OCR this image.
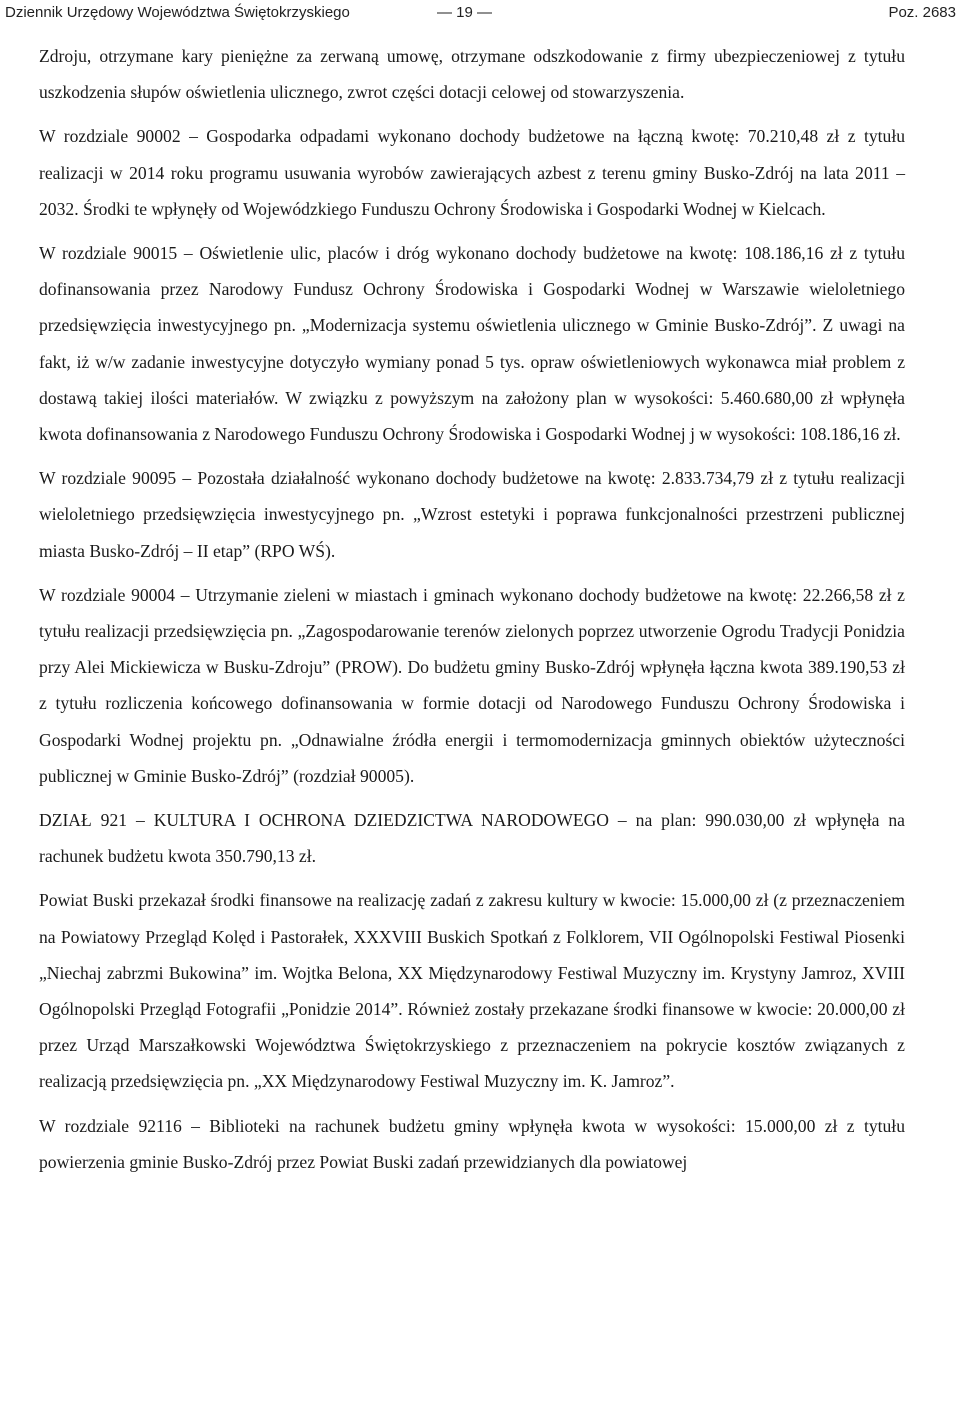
Dziennik Urzędowy Województwa Świętokrzyskiego	— 19 —	Poz. 2683

Zdroju, otrzymane kary pieniężne za zerwaną umowę, otrzymane odszkodowanie z firmy ubezpieczeniowej z tytułu uszkodzenia słupów oświetlenia ulicznego, zwrot części dotacji celowej od stowarzyszenia.

W rozdziale 90002 – Gospodarka odpadami wykonano dochody budżetowe na łączną kwotę: 70.210,48 zł z tytułu realizacji w 2014 roku programu usuwania wyrobów zawierających azbest z terenu gminy Busko-Zdrój na lata 2011 – 2032. Środki te wpłynęły od Wojewódzkiego Funduszu Ochrony Środowiska i Gospodarki Wodnej w Kielcach.

W rozdziale 90015 – Oświetlenie ulic, placów i dróg wykonano dochody budżetowe na kwotę: 108.186,16 zł z tytułu dofinansowania przez Narodowy Fundusz Ochrony Środowiska i Gospodarki Wodnej w Warszawie wieloletniego przedsięwzięcia inwestycyjnego pn. „Modernizacja systemu oświetlenia ulicznego w Gminie Busko-Zdrój”. Z uwagi na fakt, iż w/w zadanie inwestycyjne dotyczyło wymiany ponad 5 tys. opraw oświetleniowych wykonawca miał problem z dostawą takiej ilości materiałów. W związku z powyższym na założony plan w wysokości: 5.460.680,00 zł wpłynęła kwota dofinansowania z Narodowego Funduszu Ochrony Środowiska i Gospodarki Wodnej j w wysokości: 108.186,16 zł.

W rozdziale 90095 – Pozostała działalność wykonano dochody budżetowe na kwotę: 2.833.734,79 zł z tytułu realizacji wieloletniego przedsięwzięcia inwestycyjnego pn. „Wzrost estetyki i poprawa funkcjonalności przestrzeni publicznej miasta Busko-Zdrój – II etap” (RPO WŚ).

W rozdziale 90004 – Utrzymanie zieleni w miastach i gminach wykonano dochody budżetowe na kwotę: 22.266,58 zł z tytułu realizacji przedsięwzięcia pn. „Zagospodarowanie terenów zielonych poprzez utworzenie Ogrodu Tradycji Ponidzia przy Alei Mickiewicza w Busku-Zdroju” (PROW). Do budżetu gminy Busko-Zdrój wpłynęła łączna kwota 389.190,53 zł z tytułu rozliczenia końcowego dofinansowania w formie dotacji od Narodowego Funduszu Ochrony Środowiska i Gospodarki Wodnej projektu pn. „Odnawialne źródła energii i termomodernizacja gminnych obiektów użyteczności publicznej w Gminie Busko-Zdrój” (rozdział 90005).

DZIAŁ 921 – KULTURA I OCHRONA DZIEDZICTWA NARODOWEGO – na plan: 990.030,00 zł wpłynęła na rachunek budżetu kwota 350.790,13 zł.

Powiat Buski przekazał środki finansowe na realizację zadań z zakresu kultury w kwocie: 15.000,00 zł (z przeznaczeniem na Powiatowy Przegląd Kolęd i Pastorałek, XXXVIII Buskich Spotkań z Folklorem, VII Ogólnopolski Festiwal Piosenki „Niechaj zabrzmi Bukowina” im. Wojtka Belona, XX Międzynarodowy Festiwal Muzyczny im. Krystyny Jamroz, XVIII Ogólnopolski Przegląd Fotografii „Ponidzie 2014”. Również zostały przekazane środki finansowe w kwocie: 20.000,00 zł przez Urząd Marszałkowski Województwa Świętokrzyskiego z przeznaczeniem na pokrycie kosztów związanych z realizacją przedsięwzięcia pn. „XX Międzynarodowy Festiwal Muzyczny im. K. Jamroz”.

W rozdziale 92116 – Biblioteki na rachunek budżetu gminy wpłynęła kwota w wysokości: 15.000,00 zł z tytułu powierzenia gminie Busko-Zdrój przez Powiat Buski zadań przewidzianych dla powiatowej
